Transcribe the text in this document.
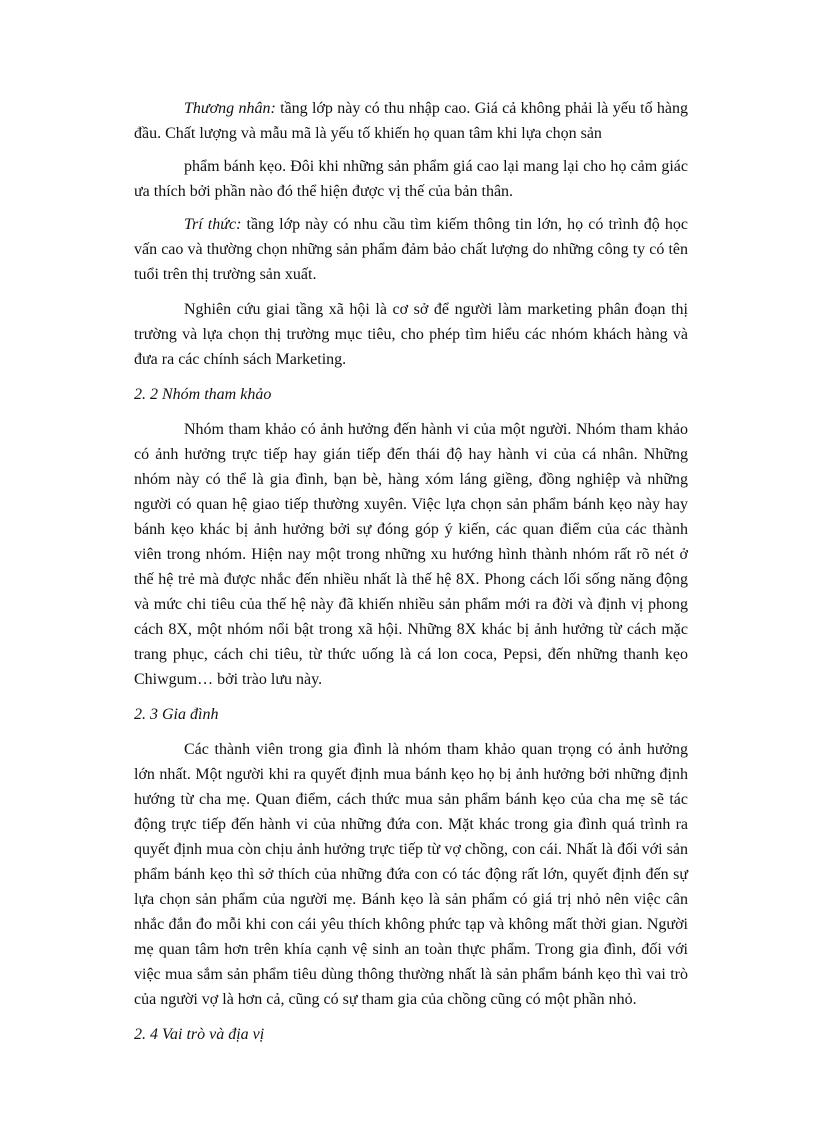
Thương nhân: tầng lớp này có thu nhập cao. Giá cả không phải là yếu tố hàng đầu. Chất lượng và mẫu mã là yếu tố khiến họ quan tâm khi lựa chọn sản

phẩm bánh kẹo. Đôi khi những sản phẩm giá cao lại mang lại cho họ cảm giác ưa thích bởi phần nào đó thể hiện được vị thế của bản thân.

Trí thức: tầng lớp này có nhu cầu tìm kiếm thông tin lớn, họ có trình độ học vấn cao và thường chọn những sản phẩm đảm bảo chất lượng do những công ty có tên tuổi trên thị trường sản xuất.

Nghiên cứu giai tầng xã hội là cơ sở để người làm marketing phân đoạn thị trường và lựa chọn thị trường mục tiêu, cho phép tìm hiểu các nhóm khách hàng và đưa ra các chính sách Marketing.

2. 2 Nhóm tham khảo

Nhóm tham khảo có ảnh hưởng đến hành vi của một người. Nhóm tham khảo có ảnh hưởng trực tiếp hay gián tiếp đến thái độ hay hành vi của cá nhân. Những nhóm này có thể là gia đình, bạn bè, hàng xóm láng giềng, đồng nghiệp và những người có quan hệ giao tiếp thường xuyên. Việc lựa chọn sản phẩm bánh kẹo này hay bánh kẹo khác bị ảnh hưởng bởi sự đóng góp ý kiến, các quan điểm của các thành viên trong nhóm. Hiện nay một trong những xu hướng hình thành nhóm rất rõ nét ở thế hệ trẻ mà được nhắc đến nhiều nhất là thế hệ 8X. Phong cách lối sống năng động và mức chi tiêu của thế hệ này đã khiến nhiều sản phẩm mới ra đời và định vị phong cách 8X, một nhóm nổi bật trong xã hội. Những 8X khác bị ảnh hưởng từ cách mặc trang phục, cách chi tiêu, từ thức uống là cá lon coca, Pepsi, đến những thanh kẹo Chiwgum… bởi trào lưu này.

2. 3 Gia đình

Các thành viên trong gia đình là nhóm tham khảo quan trọng có ảnh hưởng lớn nhất. Một người khi ra quyết định mua bánh kẹo họ bị ảnh hưởng bởi những định hướng từ cha mẹ. Quan điểm, cách thức mua sản phẩm bánh kẹo của cha mẹ sẽ tác động trực tiếp đến hành vi của những đứa con. Mặt khác trong gia đình quá trình ra quyết định mua còn chịu ảnh hưởng trực tiếp từ vợ chồng, con cái. Nhất là đối với sản phẩm bánh kẹo thì sở thích của những đứa con có tác động rất lớn, quyết định đến sự lựa chọn sản phẩm của người mẹ. Bánh kẹo là sản phẩm có giá trị nhỏ nên việc cân nhắc đắn đo mỗi khi con cái yêu thích không phức tạp và không mất thời gian. Người mẹ quan tâm hơn trên khía cạnh vệ sinh an toàn thực phẩm. Trong gia đình, đối với việc mua sắm sản phẩm tiêu dùng thông thường nhất là sản phẩm bánh kẹo thì vai trò của người vợ là hơn cả, cũng có sự tham gia của chồng cũng có một phần nhỏ.

2. 4 Vai trò và địa vị
